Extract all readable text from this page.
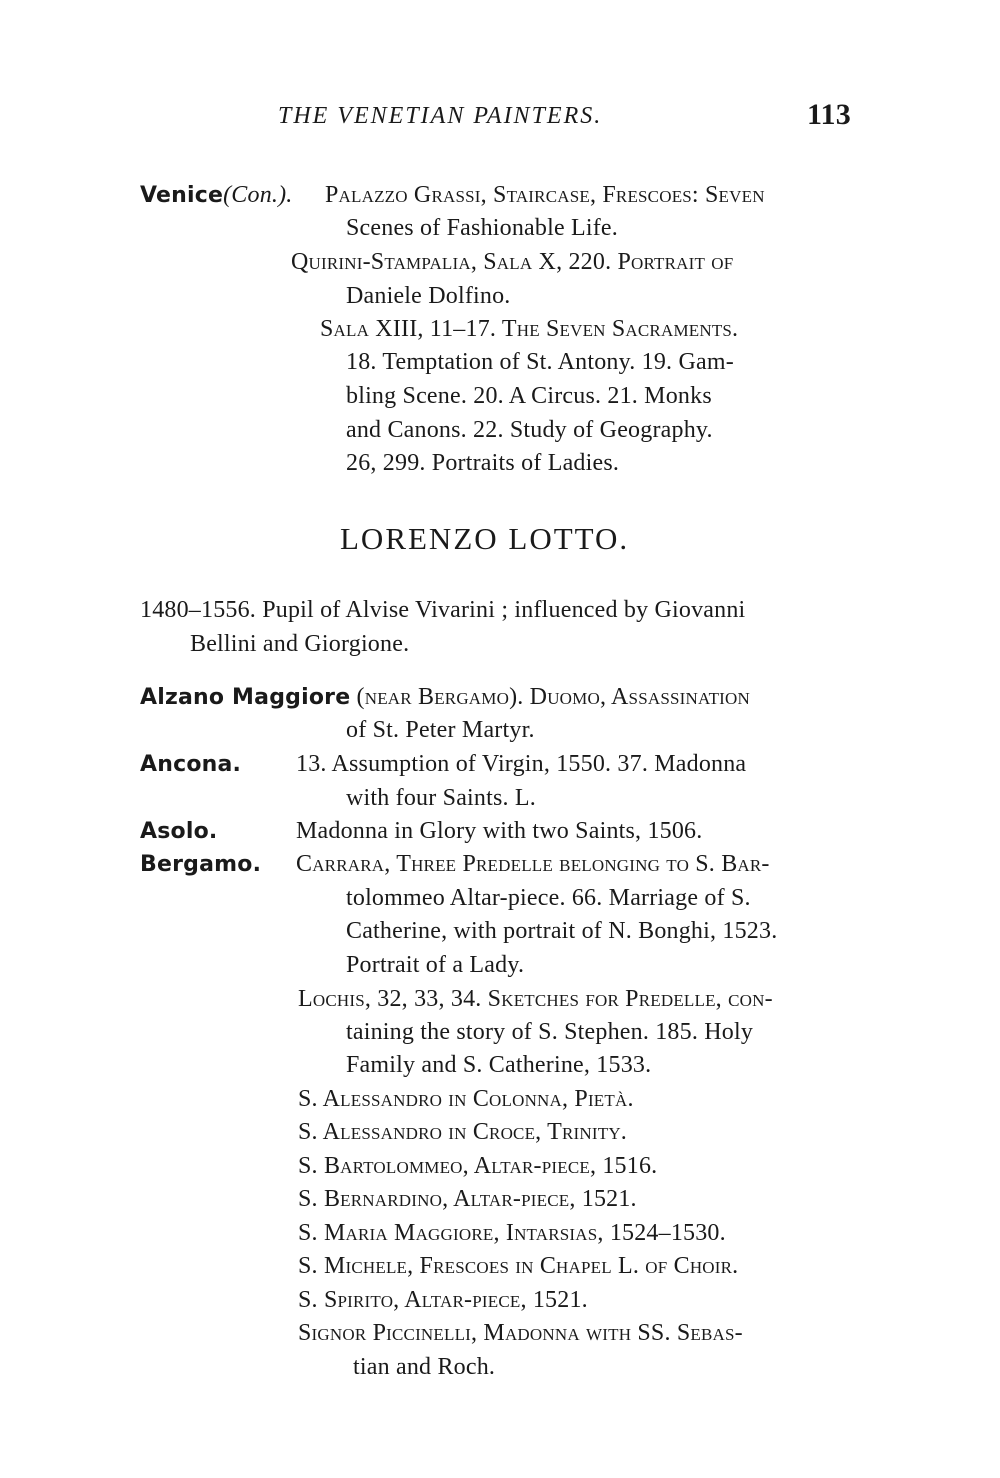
THE VENETIAN PAINTERS.	113
Venice(Con.). Palazzo Grassi, Staircase, Frescoes: Seven
Scenes of Fashionable Life.
Quirini-Stampalia, Sala X, 220. Portrait of
Daniele Dolfino.
Sala XIII, 11–17. The Seven Sacraments.
18. Temptation of St. Antony. 19. Gam-
bling Scene. 20. A Circus. 21. Monks
and Canons. 22. Study of Geography.
26, 299. Portraits of Ladies.
LORENZO LOTTO.
1480–1556. Pupil of Alvise Vivarini ; influenced by Giovanni
Bellini and Giorgione.
Alzano Maggiore (near Bergamo). Duomo, Assassination
of St. Peter Martyr.
Ancona. 13. Assumption of Virgin, 1550. 37. Madonna
with four Saints. L.
Asolo.	Madonna in Glory with two Saints, 1506.
Bergamo. Carrara, Three Predelle belonging to S. Bar-
tolommeo Altar-piece. 66. Marriage of S.
Catherine, with portrait of N. Bonghi, 1523.
Portrait of a Lady.
Lochis, 32, 33, 34. Sketches for Predelle, con-
taining the story of S. Stephen. 185. Holy
Family and S. Catherine, 1533.
S. Alessandro in Colonna, Pietà.
S. Alessandro in Croce, Trinity.
S. Bartolommeo, Altar-piece, 1516.
S. Bernardino, Altar-piece, 1521.
S. Maria Maggiore, Intarsias, 1524–1530.
S. Michele, Frescoes in Chapel L. of Choir.
S. Spirito, Altar-piece, 1521.
Signor Piccinelli, Madonna with SS. Sebas-
tian and Roch.
